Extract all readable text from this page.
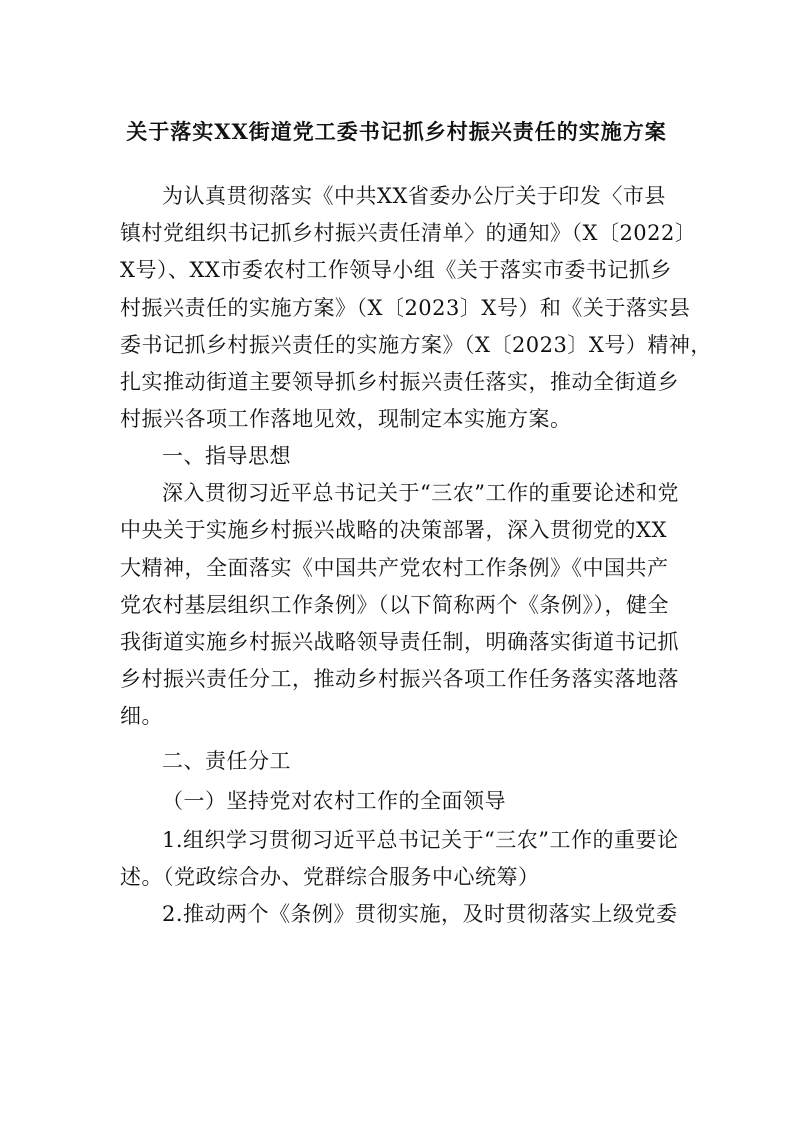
关于落实XX街道党工委书记抓乡村振兴责任的实施方案
为认真贯彻落实《中共XX省委办公厅关于印发〈市县
镇村党组织书记抓乡村振兴责任清单〉的通知》（X〔2022〕
X号）、XX市委农村工作领导小组《关于落实市委书记抓乡
村振兴责任的实施方案》（X〔2023〕X号）和《关于落实县
委书记抓乡村振兴责任的实施方案》（X〔2023〕X号）精神，
扎实推动街道主要领导抓乡村振兴责任落实，推动全街道乡
村振兴各项工作落地见效，现制定本实施方案。
一、指导思想
深入贯彻习近平总书记关于“三农”工作的重要论述和党
中央关于实施乡村振兴战略的决策部署，深入贯彻党的XX
大精神，全面落实《中国共产党农村工作条例》《中国共产
党农村基层组织工作条例》（以下简称两个《条例》），健全
我街道实施乡村振兴战略领导责任制，明确落实街道书记抓
乡村振兴责任分工，推动乡村振兴各项工作任务落实落地落
细。
二、责任分工
（一）坚持党对农村工作的全面领导
1.组织学习贯彻习近平总书记关于“三农”工作的重要论
述。（党政综合办、党群综合服务中心统筹）
2.推动两个《条例》贯彻实施，及时贯彻落实上级党委
